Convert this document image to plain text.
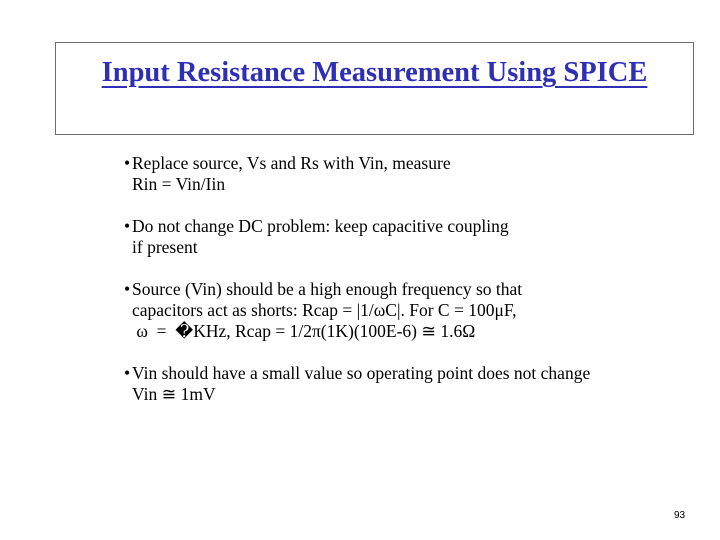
Input Resistance Measurement Using SPICE
• Replace source, Vs and Rs with Vin, measure
Rin = Vin/Iin
• Do not change DC problem: keep capacitive coupling
if present
• Source (Vin) should be a high enough frequency so that
capacitors act as shorts: Rcap = |1/ωC|. For C = 100μF,
ω  =  �KHz, Rcap = 1/2π(1K)(100E-6) ≅ 1.6Ω
• Vin should have a small value so operating point does not change
Vin ≅ 1mV
93
